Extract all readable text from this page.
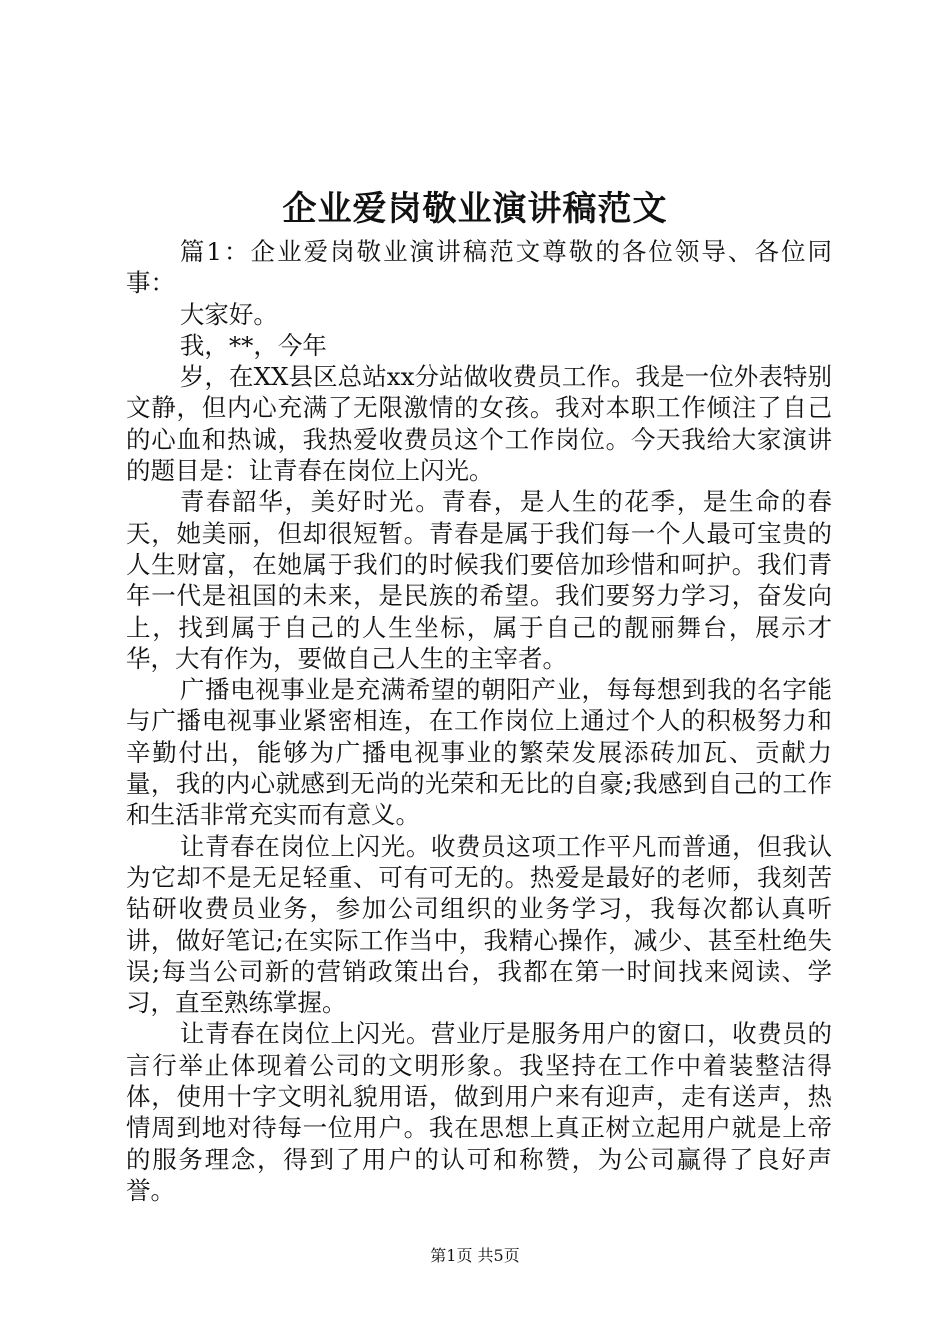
企业爱岗敬业演讲稿范文

篇1：企业爱岗敬业演讲稿范文尊敬的各位领导、各位同事：

大家好。

我，**，今年

岁，在XX县区总站xx分站做收费员工作。我是一位外表特别文静，但内心充满了无限激情的女孩。我对本职工作倾注了自己的心血和热诚，我热爱收费员这个工作岗位。今天我给大家演讲的题目是：让青春在岗位上闪光。

青春韶华，美好时光。青春，是人生的花季，是生命的春天，她美丽，但却很短暂。青春是属于我们每一个人最可宝贵的人生财富，在她属于我们的时候我们要倍加珍惜和呵护。我们青年一代是祖国的未来，是民族的希望。我们要努力学习，奋发向上，找到属于自己的人生坐标，属于自己的靓丽舞台，展示才华，大有作为，要做自己人生的主宰者。

广播电视事业是充满希望的朝阳产业，每每想到我的名字能与广播电视事业紧密相连，在工作岗位上通过个人的积极努力和辛勤付出，能够为广播电视事业的繁荣发展添砖加瓦、贡献力量，我的内心就感到无尚的光荣和无比的自豪;我感到自己的工作和生活非常充实而有意义。

让青春在岗位上闪光。收费员这项工作平凡而普通，但我认为它却不是无足轻重、可有可无的。热爱是最好的老师，我刻苦钻研收费员业务，参加公司组织的业务学习，我每次都认真听讲，做好笔记;在实际工作当中，我精心操作，减少、甚至杜绝失误;每当公司新的营销政策出台，我都在第一时间找来阅读、学习，直至熟练掌握。

让青春在岗位上闪光。营业厅是服务用户的窗口，收费员的言行举止体现着公司的文明形象。我坚持在工作中着装整洁得体，使用十字文明礼貌用语，做到用户来有迎声，走有送声，热情周到地对待每一位用户。我在思想上真正树立起用户就是上帝的服务理念，得到了用户的认可和称赞，为公司赢得了良好声誉。

第1页 共5页
